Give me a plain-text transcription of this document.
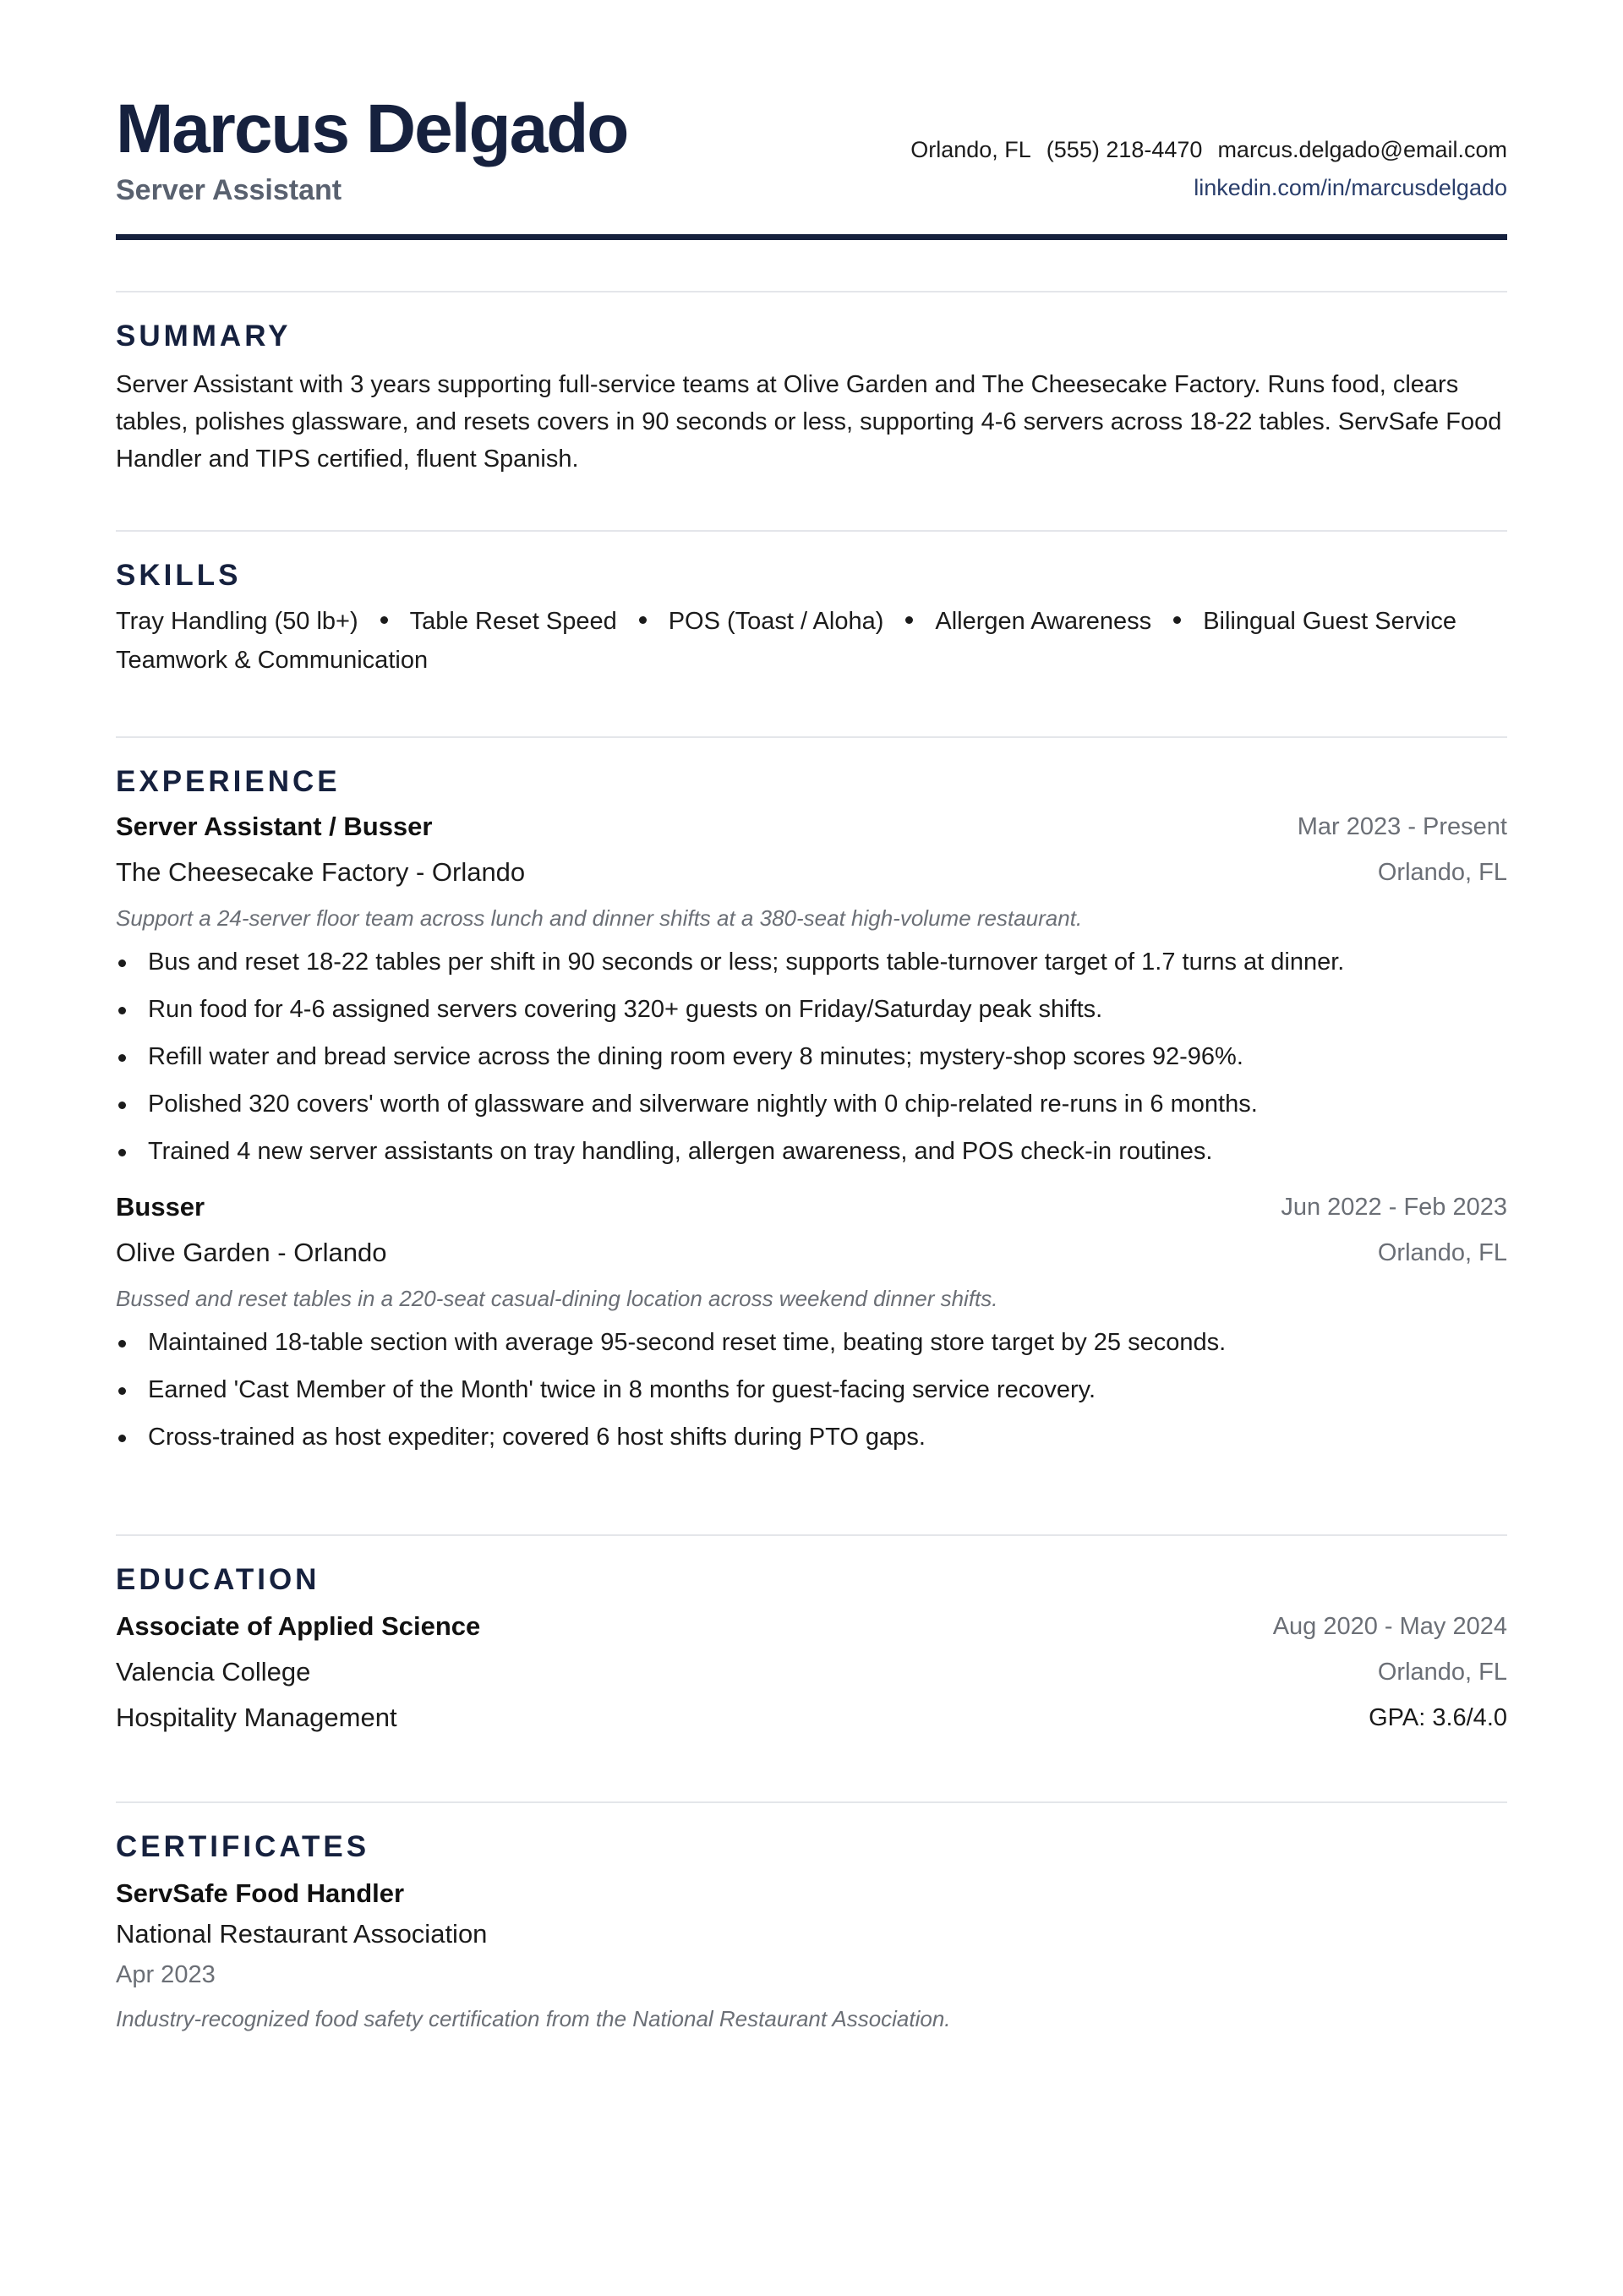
Marcus Delgado
Server Assistant
Orlando, FL (555) 218-4470 marcus.delgado@email.com
linkedin.com/in/marcusdelgado
SUMMARY
Server Assistant with 3 years supporting full-service teams at Olive Garden and The Cheesecake Factory. Runs food, clears tables, polishes glassware, and resets covers in 90 seconds or less, supporting 4-6 servers across 18-22 tables. ServSafe Food Handler and TIPS certified, fluent Spanish.
SKILLS
Tray Handling (50 lb+) Table Reset Speed POS (Toast / Aloha) Allergen Awareness Bilingual Guest Service
Teamwork & Communication
EXPERIENCE
Server Assistant / Busser	Mar 2023 - Present
The Cheesecake Factory - Orlando	Orlando, FL
Support a 24-server floor team across lunch and dinner shifts at a 380-seat high-volume restaurant.
Bus and reset 18-22 tables per shift in 90 seconds or less; supports table-turnover target of 1.7 turns at dinner.
Run food for 4-6 assigned servers covering 320+ guests on Friday/Saturday peak shifts.
Refill water and bread service across the dining room every 8 minutes; mystery-shop scores 92-96%.
Polished 320 covers' worth of glassware and silverware nightly with 0 chip-related re-runs in 6 months.
Trained 4 new server assistants on tray handling, allergen awareness, and POS check-in routines.
Busser	Jun 2022 - Feb 2023
Olive Garden - Orlando	Orlando, FL
Bussed and reset tables in a 220-seat casual-dining location across weekend dinner shifts.
Maintained 18-table section with average 95-second reset time, beating store target by 25 seconds.
Earned 'Cast Member of the Month' twice in 8 months for guest-facing service recovery.
Cross-trained as host expediter; covered 6 host shifts during PTO gaps.
EDUCATION
Associate of Applied Science	Aug 2020 - May 2024
Valencia College	Orlando, FL
Hospitality Management	GPA: 3.6/4.0
CERTIFICATES
ServSafe Food Handler
National Restaurant Association
Apr 2023
Industry-recognized food safety certification from the National Restaurant Association.
